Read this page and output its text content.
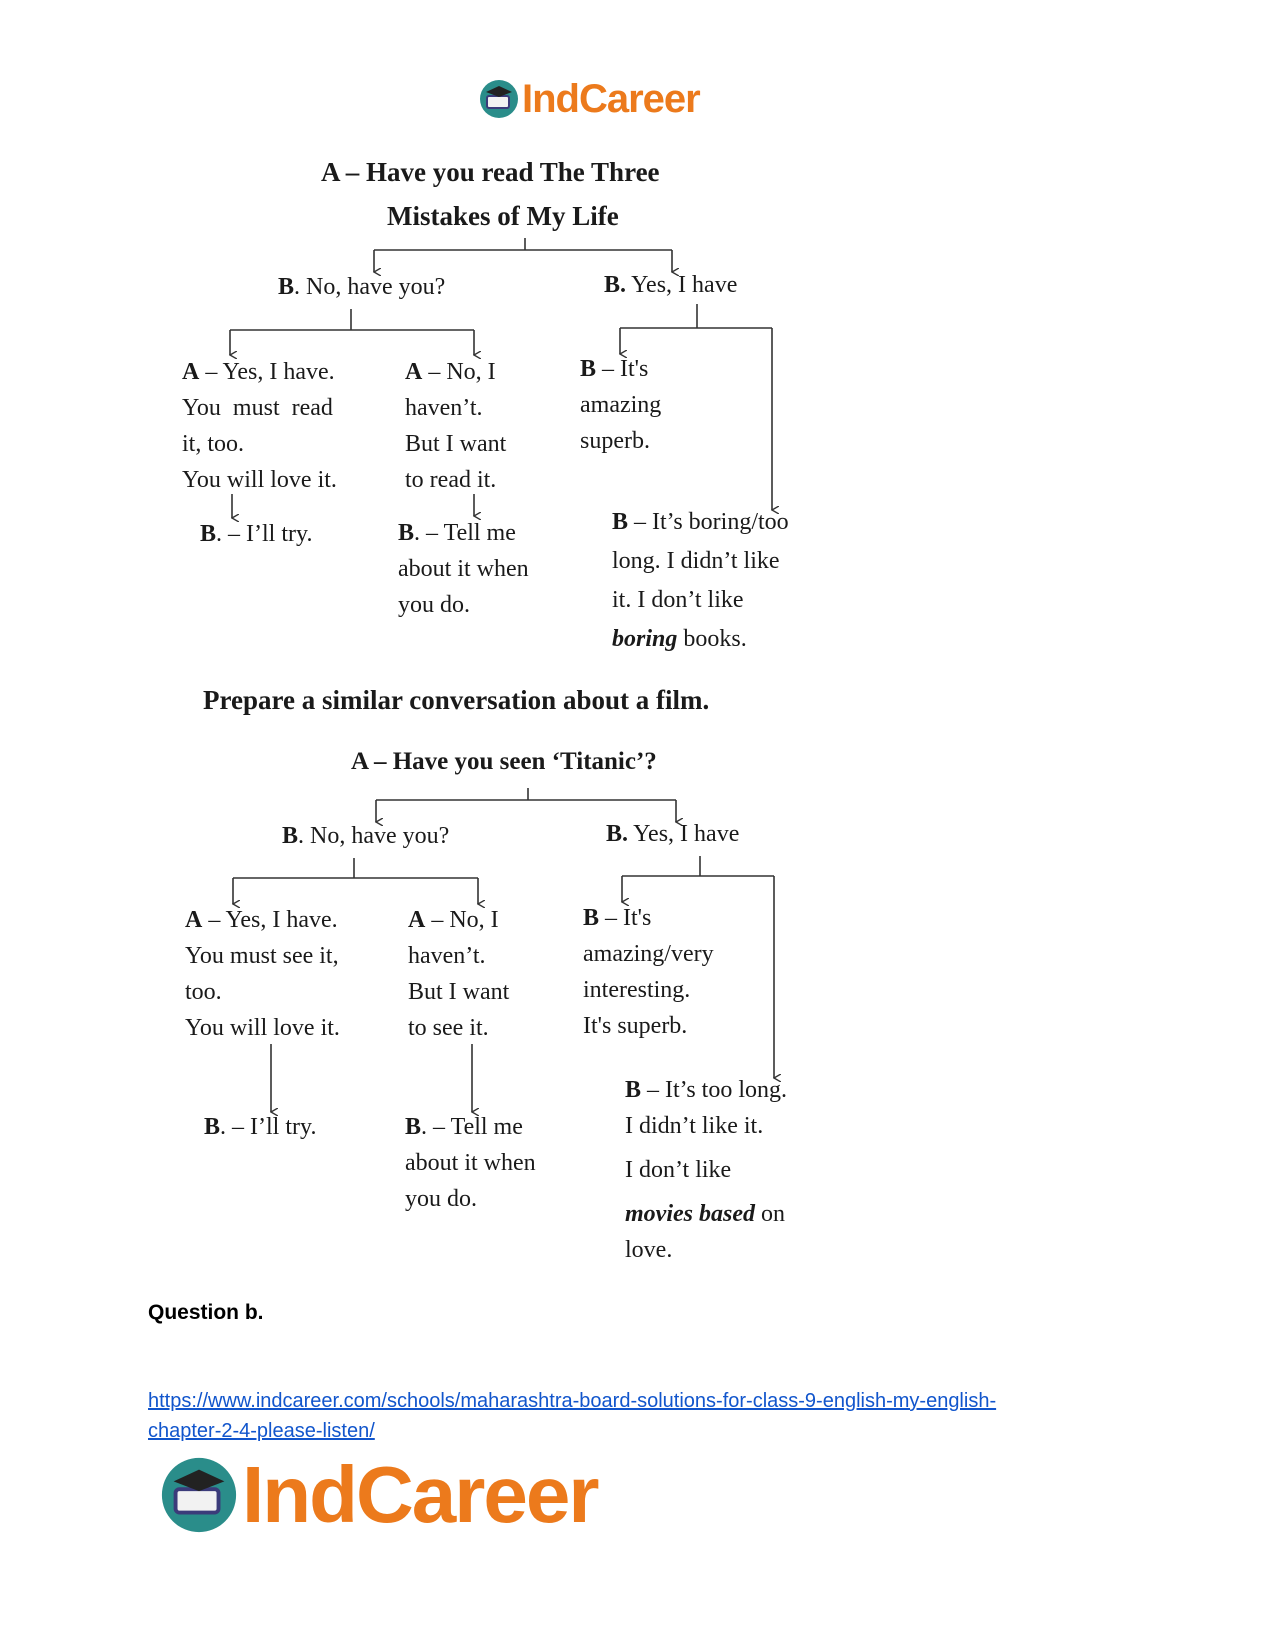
IndCareer
A – Have you read The Three
Mistakes of My Life
B. No, have you?	B. Yes, I have
A – Yes, I have.
You  must  read
it, too.
You will love it.
B. – I’ll try.
A – No, I
haven’t.
But I want
to read it.
B. – Tell me
about it when
you do.
B – It's
amazing
superb.
B – It’s boring/too
long. I didn’t like
it. I don’t like
boring books.
Prepare a similar conversation about a film.
A – Have you seen ‘Titanic’?
B. No, have you?	B. Yes, I have
A – Yes, I have.
You must see it,
too.
You will love it.
B. – I’ll try.
A – No, I
haven’t.
But I want
to see it.
B. – Tell me
about it when
you do.
B – It's
amazing/very
interesting.
It's superb.
B – It’s too long.
I didn’t like it.
I don’t like
movies based on
love.
Question b.
https://www.indcareer.com/schools/maharashtra-board-solutions-for-class-9-english-my-english-
chapter-2-4-please-listen/
IndCareer
